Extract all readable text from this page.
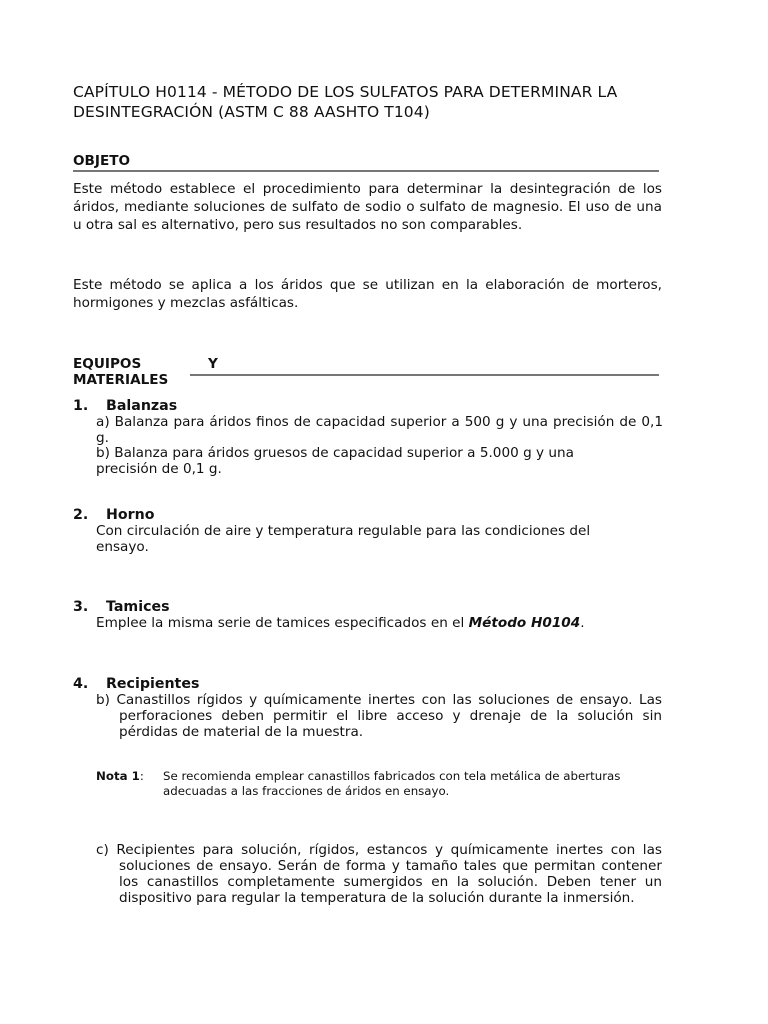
CAPÍTULO H0114 - MÉTODO DE LOS SULFATOS PARA DETERMINAR LA DESINTEGRACIÓN (ASTM C 88 AASHTO T104)
OBJETO
Este método establece el procedimiento para determinar la desintegración de los áridos, mediante soluciones de sulfato de sodio o sulfato de magnesio. El uso de una u otra sal es alternativo, pero sus resultados no son comparables.
Este método se aplica a los áridos que se utilizan en la elaboración de morteros, hormigones y mezclas asfálticas.
EQUIPOS	Y
MATERIALES
1. Balanzas
a) Balanza para áridos finos de capacidad superior a 500 g y una precisión de 0,1 g.
b) Balanza para áridos gruesos de capacidad superior a 5.000 g y una precisión de 0,1 g.
2. Horno
Con circulación de aire y temperatura regulable para las condiciones del ensayo.
3. Tamices
Emplee la misma serie de tamices especificados en el Método H0104.
4. Recipientes
b) Canastillos rígidos y químicamente inertes con las soluciones de ensayo. Las perforaciones deben permitir el libre acceso y drenaje de la solución sin pérdidas de material de la muestra.
Nota 1: Se recomienda emplear canastillos fabricados con tela metálica de aberturas adecuadas a las fracciones de áridos en ensayo.
c) Recipientes para solución, rígidos, estancos y químicamente inertes con las soluciones de ensayo. Serán de forma y tamaño tales que permitan contener los canastillos completamente sumergidos en la solución. Deben tener un dispositivo para regular la temperatura de la solución durante la inmersión.
